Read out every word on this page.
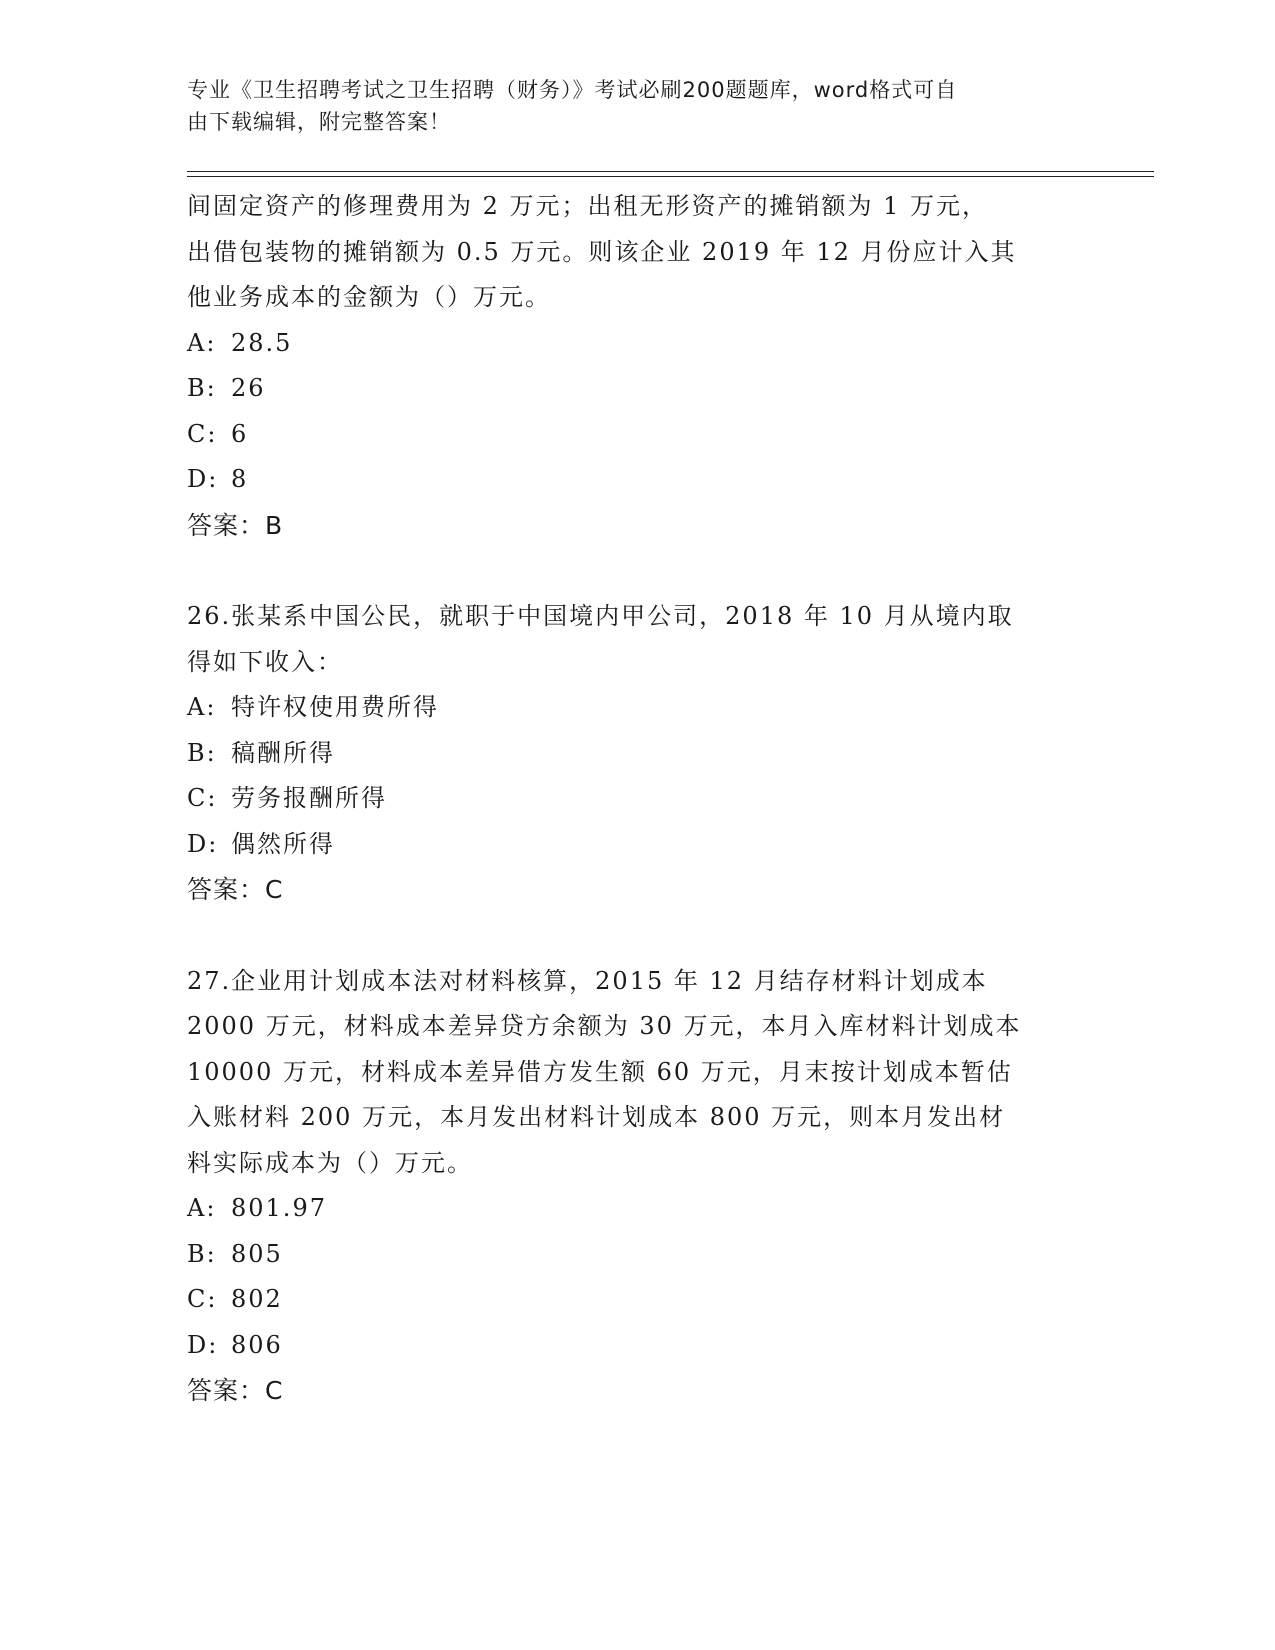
专业《卫生招聘考试之卫生招聘（财务）》考试必刷200题题库，word格式可自
由下载编辑，附完整答案！
间固定资产的修理费用为 2 万元；出租无形资产的摊销额为 1 万元，
出借包装物的摊销额为 0.5 万元。则该企业 2019 年 12 月份应计入其
他业务成本的金额为（）万元。
A: 28.5
B: 26
C: 6
D: 8
答案：B
26.张某系中国公民，就职于中国境内甲公司，2018 年 10 月从境内取
得如下收入：
A: 特许权使用费所得
B: 稿酬所得
C: 劳务报酬所得
D: 偶然所得
答案：C
27.企业用计划成本法对材料核算，2015 年 12 月结存材料计划成本
2000 万元，材料成本差异贷方余额为 30 万元，本月入库材料计划成本
10000 万元，材料成本差异借方发生额 60 万元，月末按计划成本暂估
入账材料 200 万元，本月发出材料计划成本 800 万元，则本月发出材
料实际成本为（）万元。
A: 801.97
B: 805
C: 802
D: 806
答案：C
